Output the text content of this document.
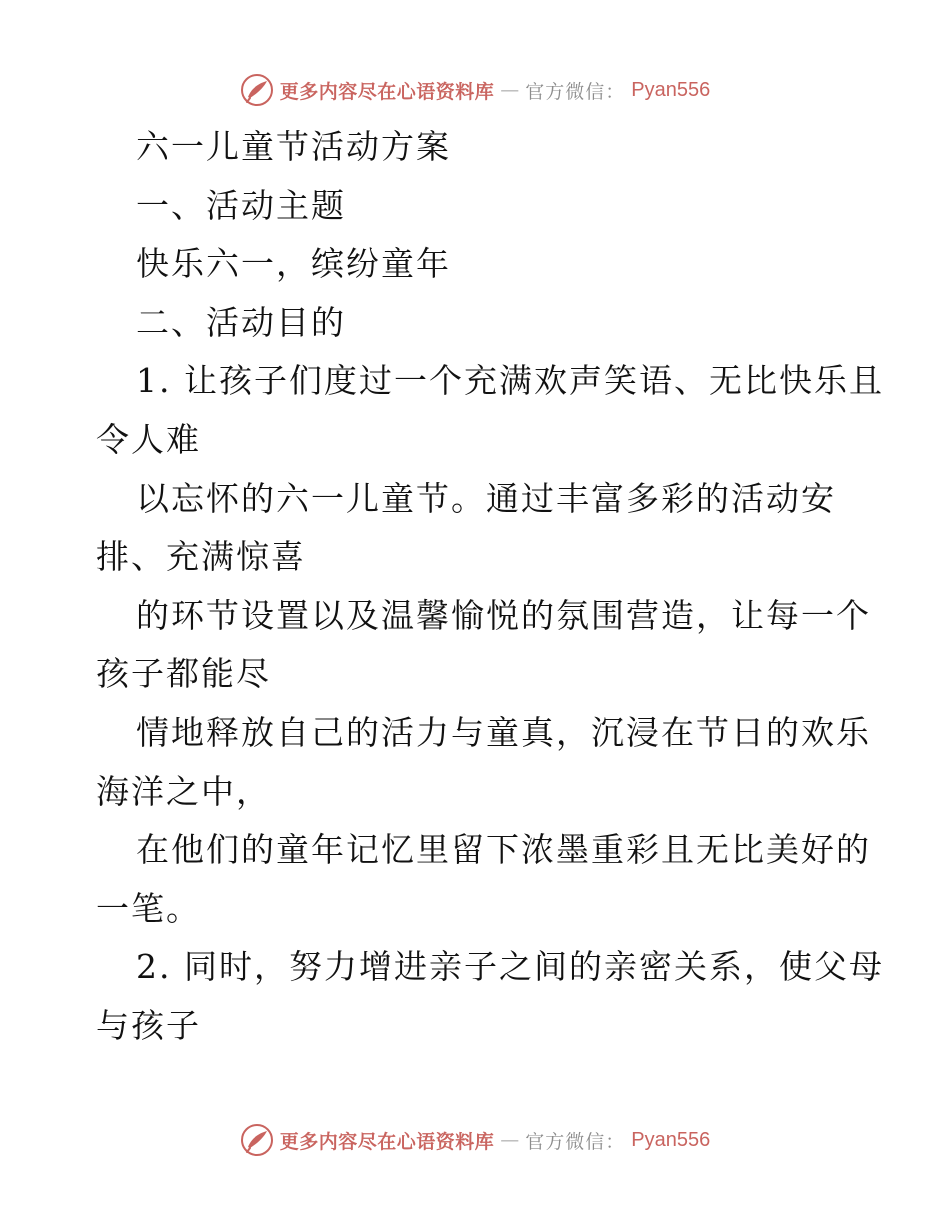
更多内容尽在心语资料库 — 官方微信： Pyan556
六一儿童节活动方案
一、活动主题
快乐六一，缤纷童年
二、活动目的
1. 让孩子们度过一个充满欢声笑语、无比快乐且
令人难
以忘怀的六一儿童节。通过丰富多彩的活动安
排、充满惊喜
的环节设置以及温馨愉悦的氛围营造，让每一个
孩子都能尽
情地释放自己的活力与童真，沉浸在节日的欢乐
海洋之中，
在他们的童年记忆里留下浓墨重彩且无比美好的
一笔。
2. 同时，努力增进亲子之间的亲密关系，使父母
与孩子
更多内容尽在心语资料库 — 官方微信： Pyan556
